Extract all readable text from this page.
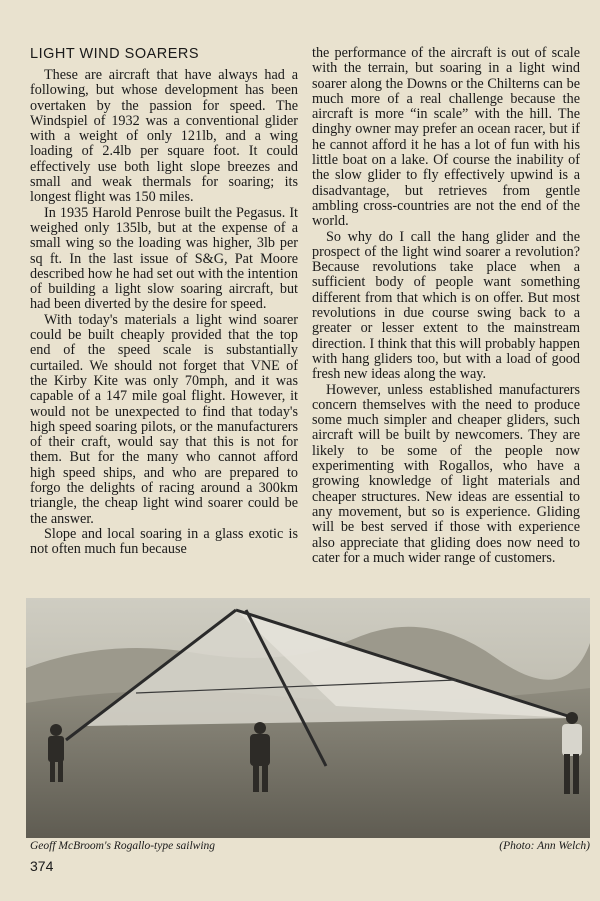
LIGHT WIND SOARERS

These are aircraft that have always had a following, but whose development has been overtaken by the passion for speed. The Windspiel of 1932 was a conventional glider with a weight of only 121lb, and a wing loading of 2.4lb per square foot. It could effectively use both light slope breezes and small and weak thermals for soaring; its longest flight was 150 miles.

In 1935 Harold Penrose built the Pegasus. It weighed only 135lb, but at the expense of a small wing so the loading was higher, 3lb per sq ft. In the last issue of S&G, Pat Moore described how he had set out with the intention of building a light slow soaring aircraft, but had been diverted by the desire for speed.

With today's materials a light wind soarer could be built cheaply provided that the top end of the speed scale is substantially curtailed. We should not forget that VNE of the Kirby Kite was only 70mph, and it was capable of a 147 mile goal flight. However, it would not be unexpected to find that today's high speed soaring pilots, or the manufacturers of their craft, would say that this is not for them. But for the many who cannot afford high speed ships, and who are prepared to forgo the delights of racing around a 300km triangle, the cheap light wind soarer could be the answer.

Slope and local soaring in a glass exotic is not often much fun because

the performance of the aircraft is out of scale with the terrain, but soaring in a light wind soarer along the Downs or the Chilterns can be much more of a real challenge because the aircraft is more “in scale” with the hill. The dinghy owner may prefer an ocean racer, but if he cannot afford it he has a lot of fun with his little boat on a lake. Of course the inability of the slow glider to fly effectively upwind is a disadvantage, but retrieves from gentle ambling cross-countries are not the end of the world.

So why do I call the hang glider and the prospect of the light wind soarer a revolution? Because revolutions take place when a sufficient body of people want something different from that which is on offer. But most revolutions in due course swing back to a greater or lesser extent to the mainstream direction. I think that this will probably happen with hang gliders too, but with a load of good fresh new ideas along the way.

However, unless established manufacturers concern themselves with the need to produce some much simpler and cheaper gliders, such aircraft will be built by newcomers. They are likely to be some of the people now experimenting with Rogallos, who have a growing knowledge of light materials and cheaper structures. New ideas are essential to any movement, but so is experience. Gliding will be best served if those with experience also appreciate that gliding does now need to cater for a much wider range of customers.

Geoff McBroom's Rogallo-type sailwing	(Photo: Ann Welch)
374
